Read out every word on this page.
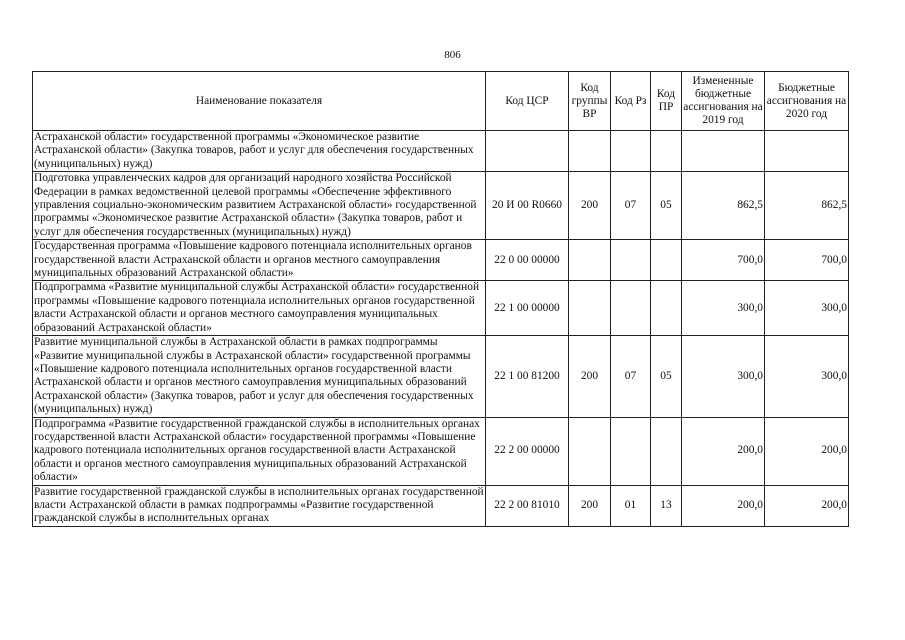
806
Наименование показателя	Код ЦСР	Код группы ВР	Код Рз	Код ПР	Измененные бюджетные ассигнования на 2019 год	Бюджетные ассигнования на 2020 год
Астраханской области» государственной программы «Экономическое развитие Астраханской области» (Закупка товаров, работ и услуг для обеспечения государственных (муниципальных) нужд)						
Подготовка управленческих кадров для организаций народного хозяйства Российской Федерации в рамках ведомственной целевой программы «Обеспечение эффективного управления социально-экономическим развитием Астраханской области» государственной программы «Экономическое развитие Астраханской области» (Закупка товаров, работ и услуг для обеспечения государственных (муниципальных) нужд)	20 И 00 R0660	200	07	05	862,5	862,5
Государственная программа «Повышение кадрового потенциала исполнительных органов государственной власти Астраханской области и органов местного самоуправления муниципальных образований Астраханской области»	22 0 00 00000				700,0	700,0
Подпрограмма «Развитие муниципальной службы Астраханской области» государственной программы «Повышение кадрового потенциала исполнительных органов государственной власти Астраханской области и органов местного самоуправления муниципальных образований Астраханской области»	22 1 00 00000				300,0	300,0
Развитие муниципальной службы в Астраханской области в рамках подпрограммы «Развитие муниципальной службы в Астраханской области» государственной программы «Повышение кадрового потенциала исполнительных органов государственной власти Астраханской области и органов местного самоуправления муниципальных образований Астраханской области» (Закупка товаров, работ и услуг для обеспечения государственных (муниципальных) нужд)	22 1 00 81200	200	07	05	300,0	300,0
Подпрограмма «Развитие государственной гражданской службы в исполнительных органах государственной власти Астраханской области» государственной программы «Повышение кадрового потенциала исполнительных органов государственной власти Астраханской области и органов местного самоуправления муниципальных образований Астраханской области»	22 2 00 00000				200,0	200,0
Развитие государственной гражданской службы в исполнительных органах государственной власти Астраханской области в рамках подпрограммы «Развитие государственной гражданской службы в исполнительных органах	22 2 00 81010	200	01	13	200,0	200,0
